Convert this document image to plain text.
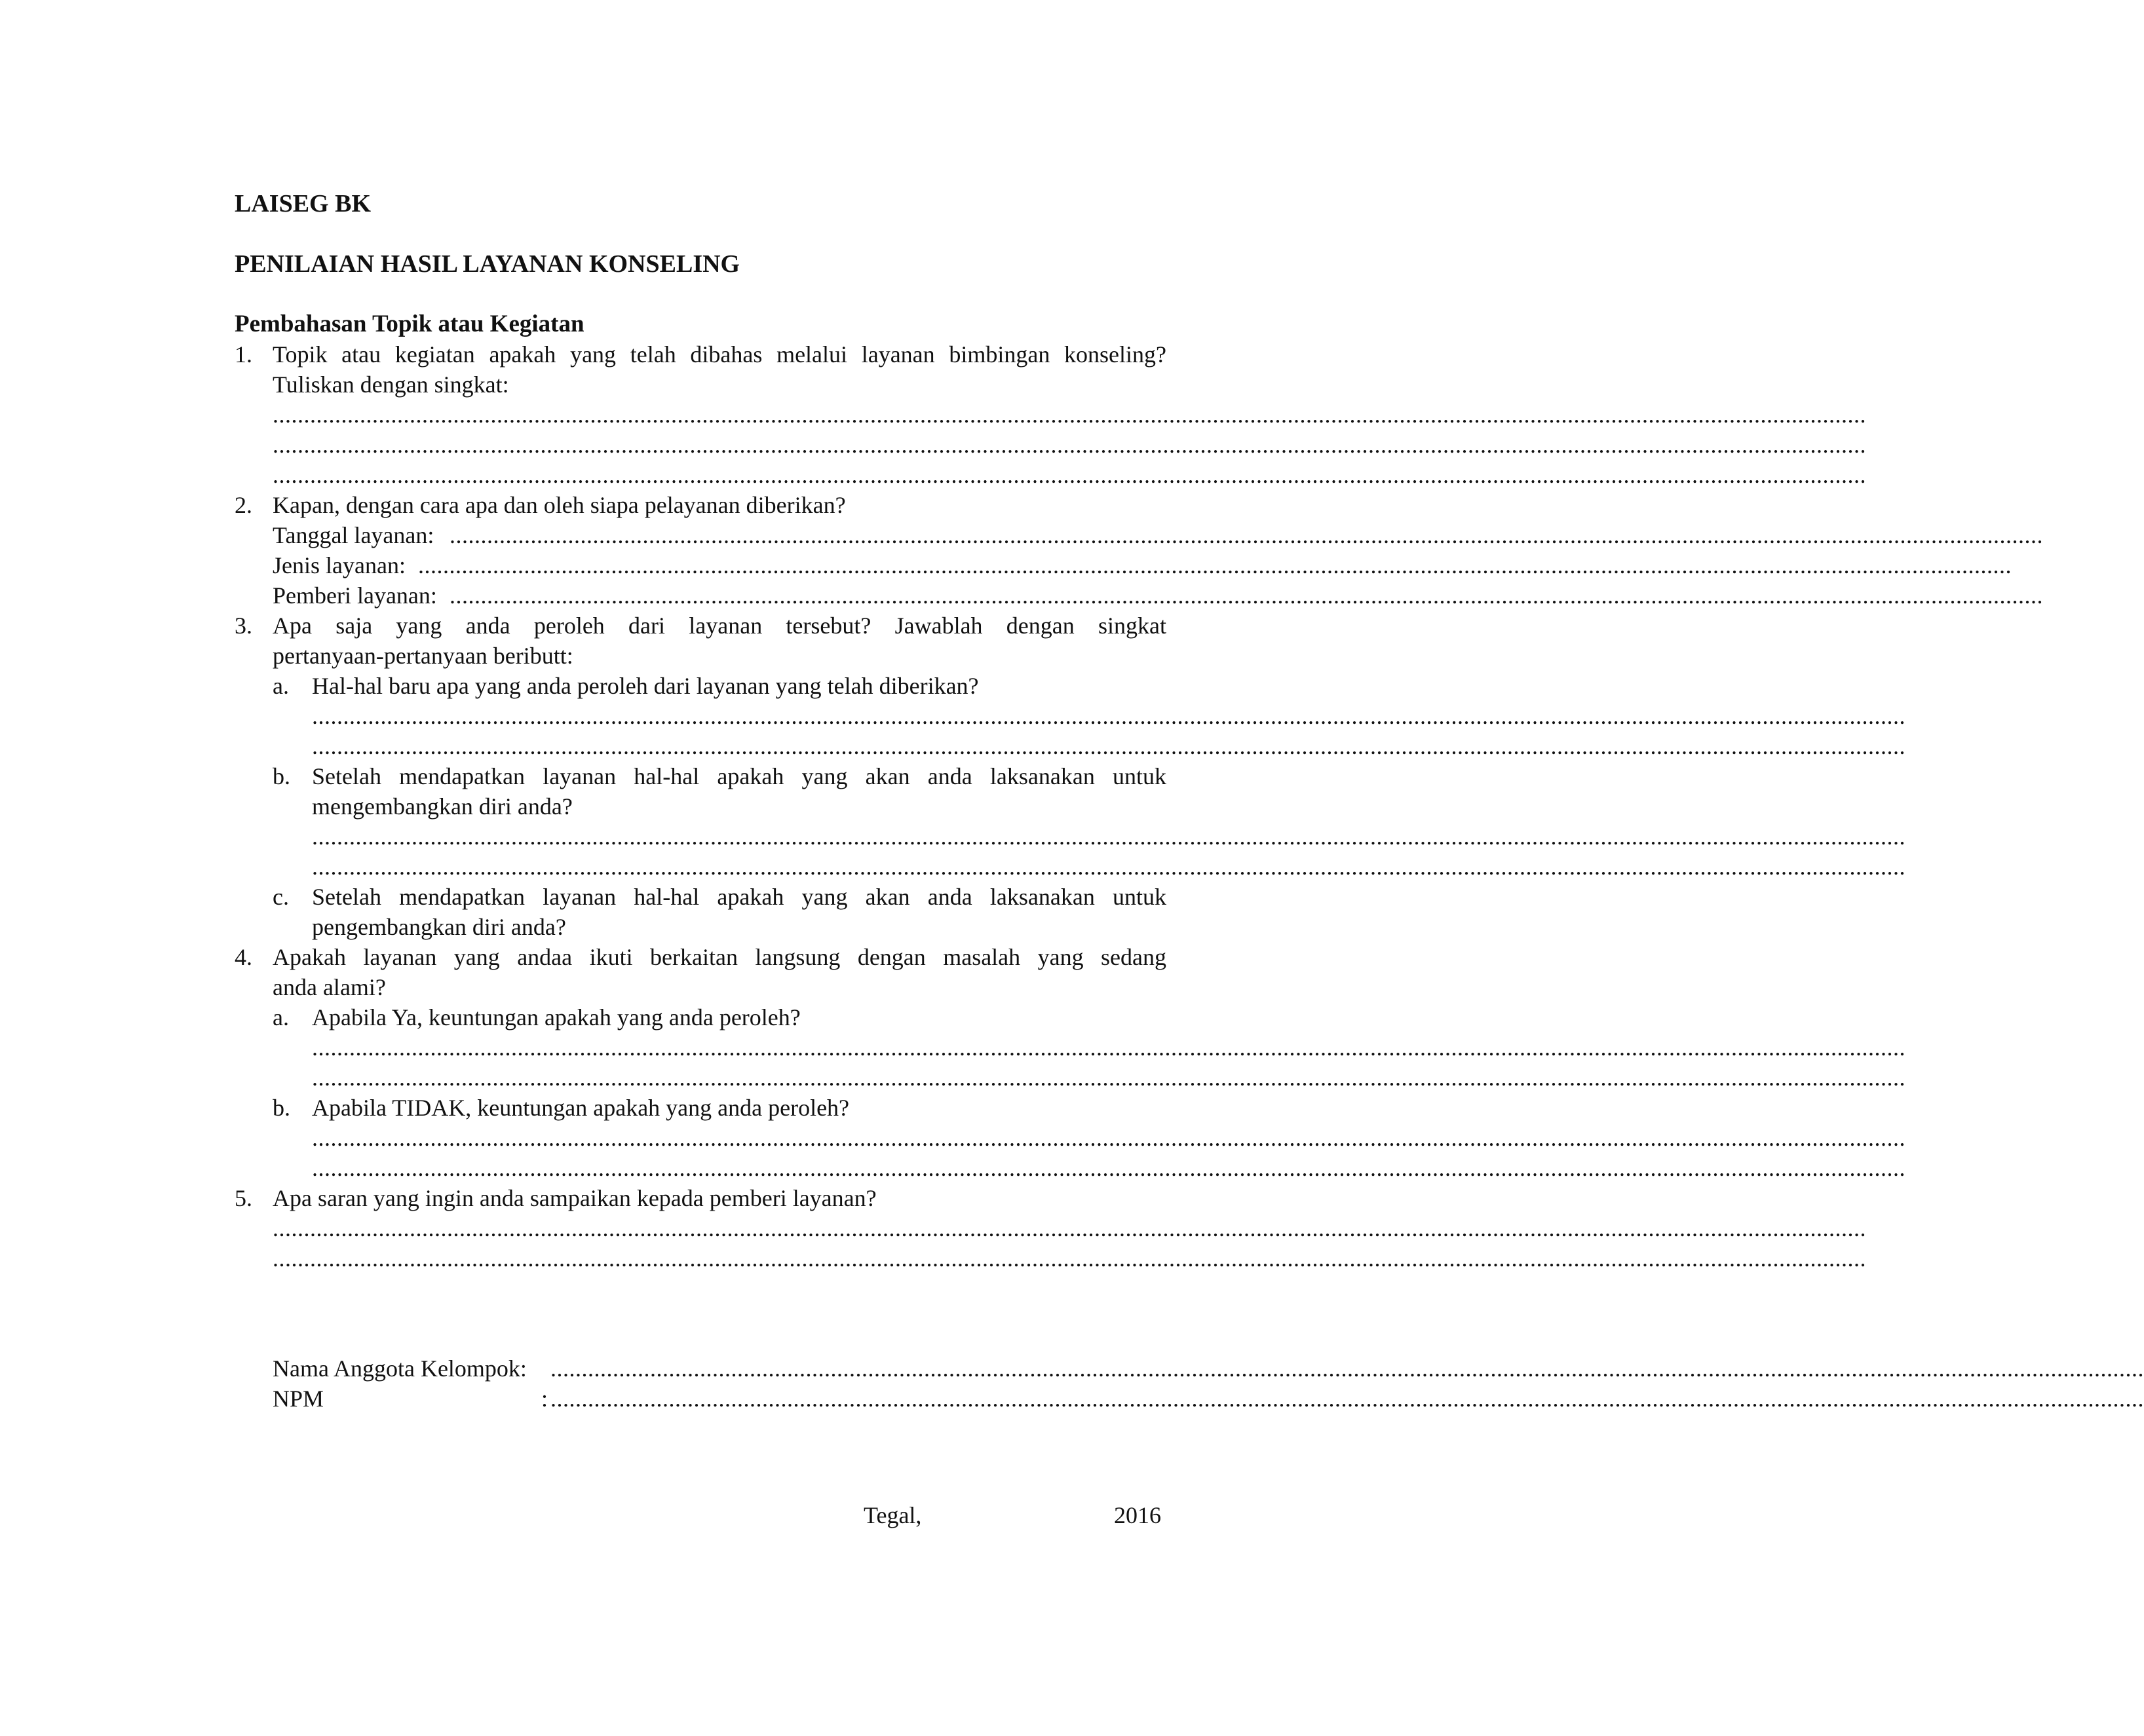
LAISEG BK
PENILAIAN HASIL LAYANAN KONSELING
Pembahasan Topik atau Kegiatan
1. Topik atau kegiatan apakah yang telah dibahas melalui layanan bimbingan konseling?
Tuliskan dengan singkat:
................................................................................................................................................................................................................................................................
................................................................................................................................................................................................................................................................
................................................................................................................................................................................................................................................................
2. Kapan, dengan cara apa dan oleh siapa pelayanan diberikan?
Tanggal layanan: ................................................................................................................................................................................................................................................................
Jenis layanan: ................................................................................................................................................................................................................................................................
Pemberi layanan: ................................................................................................................................................................................................................................................................
3. Apa saja yang anda peroleh dari layanan tersebut? Jawablah dengan singkat
pertanyaan-pertanyaan beributt:
a. Hal-hal baru apa yang anda peroleh dari layanan yang telah diberikan?
................................................................................................................................................................................................................................................................
................................................................................................................................................................................................................................................................
b. Setelah mendapatkan layanan hal-hal apakah yang akan anda laksanakan untuk
mengembangkan diri anda?
................................................................................................................................................................................................................................................................
................................................................................................................................................................................................................................................................
c. Setelah mendapatkan layanan hal-hal apakah yang akan anda laksanakan untuk
pengembangkan diri anda?
4. Apakah layanan yang andaa ikuti berkaitan langsung dengan masalah yang sedang
anda alami?
a. Apabila Ya, keuntungan apakah yang anda peroleh?
................................................................................................................................................................................................................................................................
................................................................................................................................................................................................................................................................
b. Apabila TIDAK, keuntungan apakah yang anda peroleh?
................................................................................................................................................................................................................................................................
................................................................................................................................................................................................................................................................
5. Apa saran yang ingin anda sampaikan kepada pemberi layanan?
................................................................................................................................................................................................................................................................
................................................................................................................................................................................................................................................................
Nama Anggota Kelompok: ................................................................................................................................................................................................................................................................
NPM	: ................................................................................................................................................................................................................................................................
Tegal,	2016
